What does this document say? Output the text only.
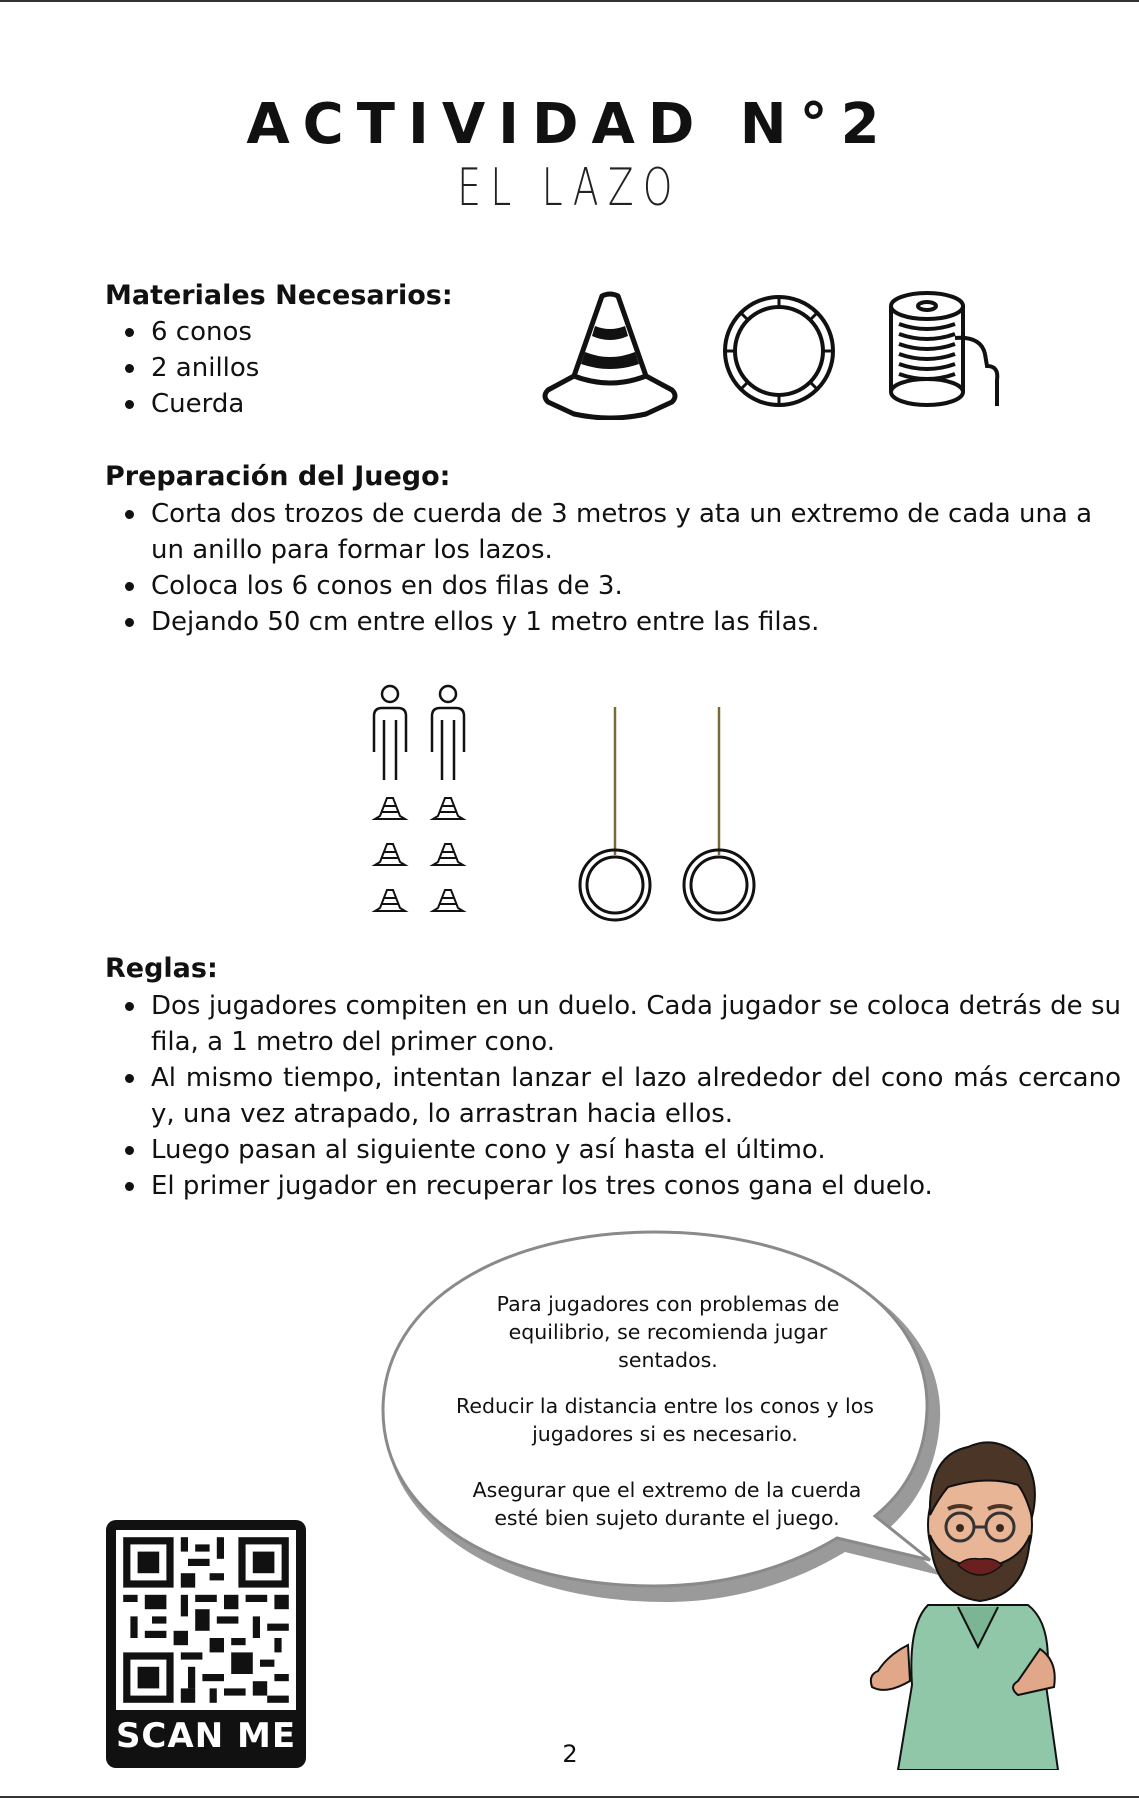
ACTIVIDAD N°2
EL LAZO
Materiales Necesarios:
6 conos
2 anillos
Cuerda
Preparación del Juego:
Corta dos trozos de cuerda de 3 metros y ata un extremo de cada una a un anillo para formar los lazos.
Coloca los 6 conos en dos filas de 3.
Dejando 50 cm entre ellos y 1 metro entre las filas.
Reglas:
Dos jugadores compiten en un duelo. Cada jugador se coloca detrás de su fila, a 1 metro del primer cono.
Al mismo tiempo, intentan lanzar el lazo alrededor del cono más cercano y, una vez atrapado, lo arrastran hacia ellos.
Luego pasan al siguiente cono y así hasta el último.
El primer jugador en recuperar los tres conos gana el duelo.
Para jugadores con problemas de equilibrio, se recomienda jugar sentados.
Reducir la distancia entre los conos y los jugadores si es necesario.
Asegurar que el extremo de la cuerda esté bien sujeto durante el juego.
SCAN ME	2
